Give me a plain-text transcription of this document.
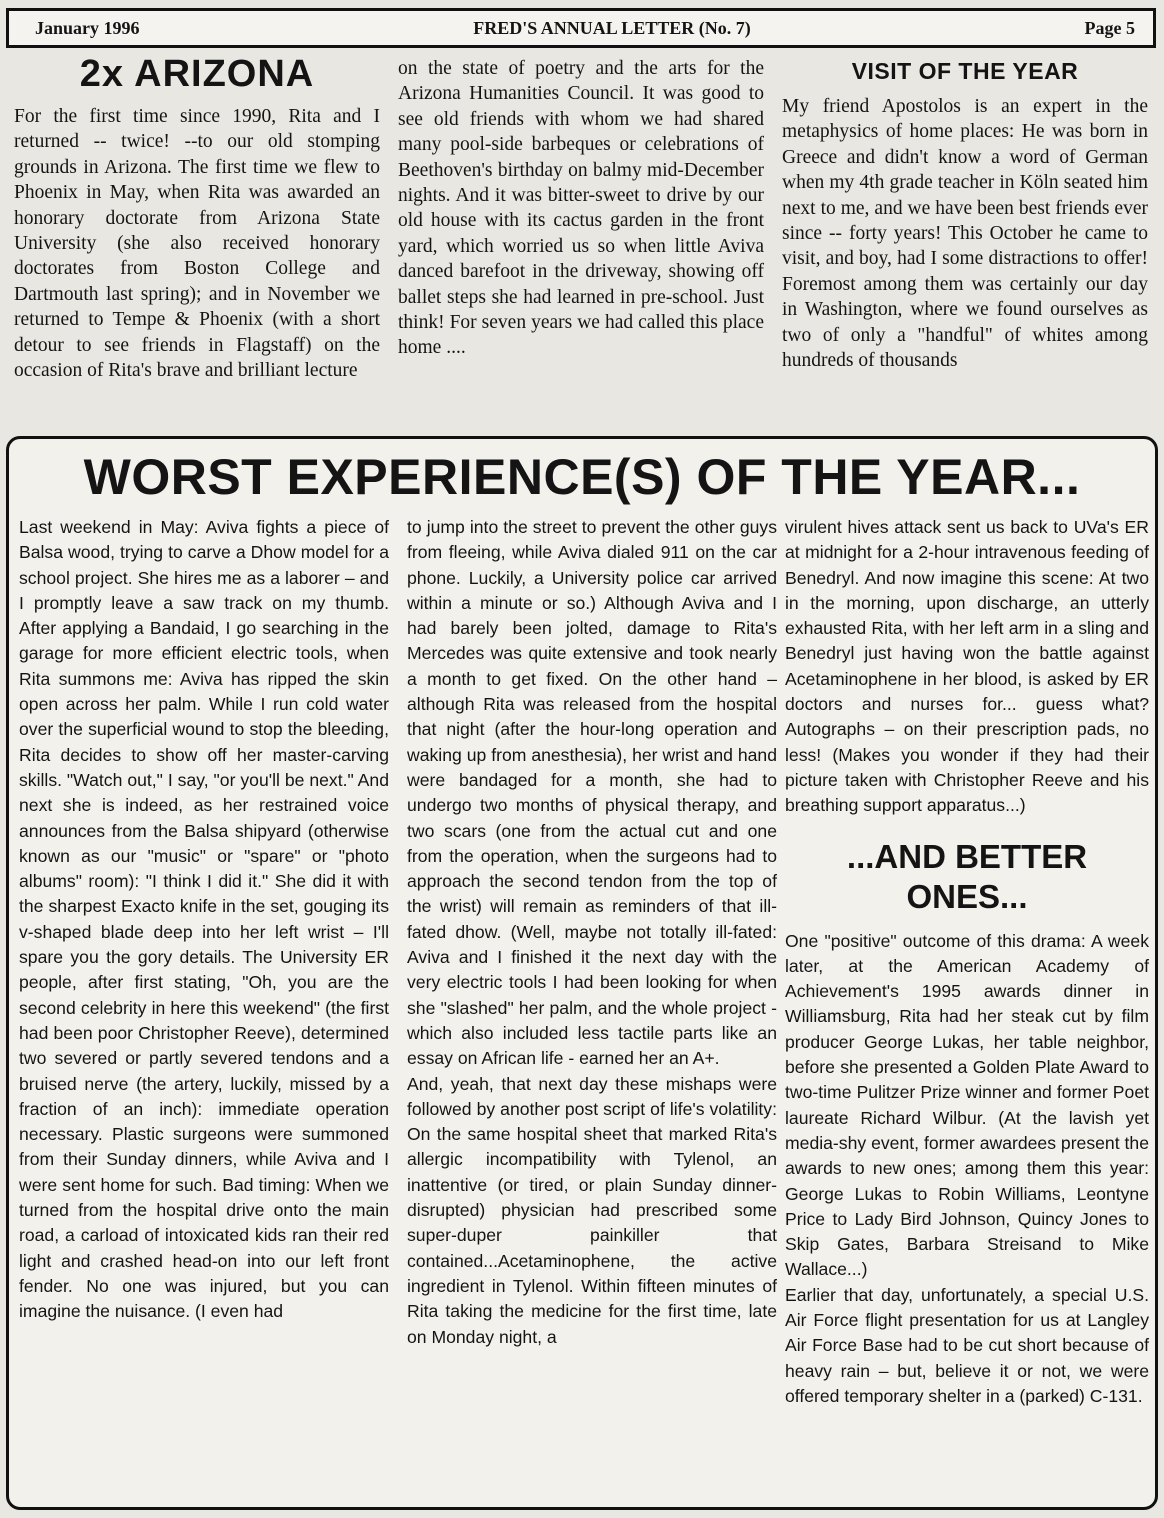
January 1996	FRED'S ANNUAL LETTER (No. 7)	Page 5
2x ARIZONA

For the first time since 1990, Rita and I returned -- twice! --to our old stomping grounds in Arizona. The first time we flew to Phoenix in May, when Rita was awarded an honorary doctorate from Arizona State University (she also received honorary doctorates from Boston College and Dartmouth last spring); and in November we returned to Tempe & Phoenix (with a short detour to see friends in Flagstaff) on the occasion of Rita's brave and brilliant lecture

on the state of poetry and the arts for the Arizona Humanities Council. It was good to see old friends with whom we had shared many pool-side barbeques or celebrations of Beethoven's birthday on balmy mid-December nights. And it was bitter-sweet to drive by our old house with its cactus garden in the front yard, which worried us so when little Aviva danced barefoot in the driveway, showing off ballet steps she had learned in pre-school. Just think! For seven years we had called this place home ....

VISIT OF THE YEAR

My friend Apostolos is an expert in the metaphysics of home places: He was born in Greece and didn't know a word of German when my 4th grade teacher in Köln seated him next to me, and we have been best friends ever since -- forty years! This October he came to visit, and boy, had I some distractions to offer! Foremost among them was certainly our day in Washington, where we found ourselves as two of only a "handful" of whites among hundreds of thousands

WORST EXPERIENCE(S) OF THE YEAR...

Last weekend in May: Aviva fights a piece of Balsa wood, trying to carve a Dhow model for a school project. She hires me as a laborer – and I promptly leave a saw track on my thumb. After applying a Bandaid, I go searching in the garage for more efficient electric tools, when Rita summons me: Aviva has ripped the skin open across her palm. While I run cold water over the superficial wound to stop the bleeding, Rita decides to show off her master-carving skills. "Watch out," I say, "or you'll be next." And next she is indeed, as her restrained voice announces from the Balsa shipyard (otherwise known as our "music" or "spare" or "photo albums" room): "I think I did it." She did it with the sharpest Exacto knife in the set, gouging its v-shaped blade deep into her left wrist – I'll spare you the gory details. The University ER people, after first stating, "Oh, you are the second celebrity in here this weekend" (the first had been poor Christopher Reeve), determined two severed or partly severed tendons and a bruised nerve (the artery, luckily, missed by a fraction of an inch): immediate operation necessary. Plastic surgeons were summoned from their Sunday dinners, while Aviva and I were sent home for such. Bad timing: When we turned from the hospital drive onto the main road, a carload of intoxicated kids ran their red light and crashed head-on into our left front fender. No one was injured, but you can imagine the nuisance. (I even had

to jump into the street to prevent the other guys from fleeing, while Aviva dialed 911 on the car phone. Luckily, a University police car arrived within a minute or so.) Although Aviva and I had barely been jolted, damage to Rita's Mercedes was quite extensive and took nearly a month to get fixed. On the other hand – although Rita was released from the hospital that night (after the hour-long operation and waking up from anesthesia), her wrist and hand were bandaged for a month, she had to undergo two months of physical therapy, and two scars (one from the actual cut and one from the operation, when the surgeons had to approach the second tendon from the top of the wrist) will remain as reminders of that ill-fated dhow. (Well, maybe not totally ill-fated: Aviva and I finished it the next day with the very electric tools I had been looking for when she "slashed" her palm, and the whole project - which also included less tactile parts like an essay on African life - earned her an A+.

And, yeah, that next day these mishaps were followed by another post script of life's volatility: On the same hospital sheet that marked Rita's allergic incompatibility with Tylenol, an inattentive (or tired, or plain Sunday dinner-disrupted) physician had prescribed some super-duper painkiller that contained...Acetaminophene, the active ingredient in Tylenol. Within fifteen minutes of Rita taking the medicine for the first time, late on Monday night, a

virulent hives attack sent us back to UVa's ER at midnight for a 2-hour intravenous feeding of Benedryl. And now imagine this scene: At two in the morning, upon discharge, an utterly exhausted Rita, with her left arm in a sling and Benedryl just having won the battle against Acetaminophene in her blood, is asked by ER doctors and nurses for... guess what? Autographs – on their prescription pads, no less! (Makes you wonder if they had their picture taken with Christopher Reeve and his breathing support apparatus...)

...AND BETTER ONES...

One "positive" outcome of this drama: A week later, at the American Academy of Achievement's 1995 awards dinner in Williamsburg, Rita had her steak cut by film producer George Lukas, her table neighbor, before she presented a Golden Plate Award to two-time Pulitzer Prize winner and former Poet laureate Richard Wilbur. (At the lavish yet media-shy event, former awardees present the awards to new ones; among them this year: George Lukas to Robin Williams, Leontyne Price to Lady Bird Johnson, Quincy Jones to Skip Gates, Barbara Streisand to Mike Wallace...)

Earlier that day, unfortunately, a special U.S. Air Force flight presentation for us at Langley Air Force Base had to be cut short because of heavy rain – but, believe it or not, we were offered temporary shelter in a (parked) C-131.
